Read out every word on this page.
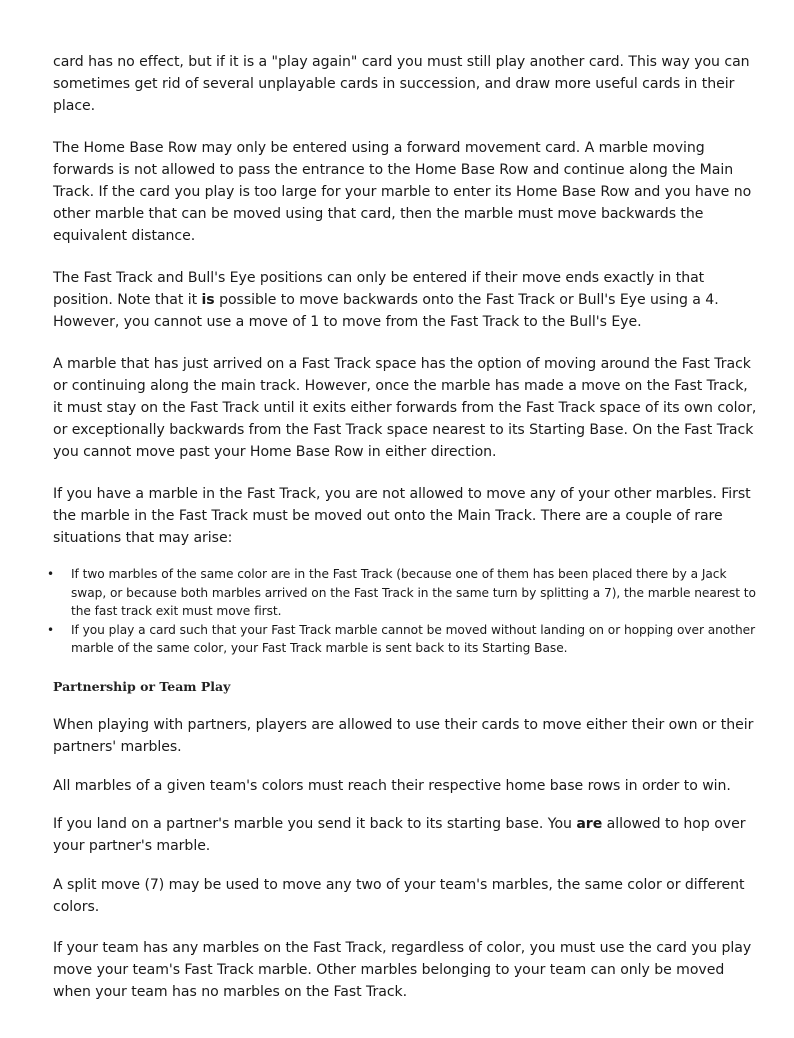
card has no effect, but if it is a "play again" card you must still play another card. This way you can sometimes get rid of several unplayable cards in succession, and draw more useful cards in their place.

The Home Base Row may only be entered using a forward movement card. A marble moving forwards is not allowed to pass the entrance to the Home Base Row and continue along the Main Track. If the card you play is too large for your marble to enter its Home Base Row and you have no other marble that can be moved using that card, then the marble must move backwards the equivalent distance.

The Fast Track and Bull's Eye positions can only be entered if their move ends exactly in that position. Note that it is possible to move backwards onto the Fast Track or Bull's Eye using a 4. However, you cannot use a move of 1 to move from the Fast Track to the Bull's Eye.

A marble that has just arrived on a Fast Track space has the option of moving around the Fast Track or continuing along the main track. However, once the marble has made a move on the Fast Track, it must stay on the Fast Track until it exits either forwards from the Fast Track space of its own color, or exceptionally backwards from the Fast Track space nearest to its Starting Base. On the Fast Track you cannot move past your Home Base Row in either direction.

If you have a marble in the Fast Track, you are not allowed to move any of your other marbles. First the marble in the Fast Track must be moved out onto the Main Track. There are a couple of rare situations that may arise:

• If two marbles of the same color are in the Fast Track (because one of them has been placed there by a Jack swap, or because both marbles arrived on the Fast Track in the same turn by splitting a 7), the marble nearest to the fast track exit must move first.
• If you play a card such that your Fast Track marble cannot be moved without landing on or hopping over another marble of the same color, your Fast Track marble is sent back to its Starting Base.
Partnership or Team Play

When playing with partners, players are allowed to use their cards to move either their own or their partners' marbles.

All marbles of a given team's colors must reach their respective home base rows in order to win.

If you land on a partner's marble you send it back to its starting base. You are allowed to hop over your partner's marble.

A split move (7) may be used to move any two of your team's marbles, the same color or different colors.

If your team has any marbles on the Fast Track, regardless of color, you must use the card you play move your team's Fast Track marble. Other marbles belonging to your team can only be moved when your team has no marbles on the Fast Track.
